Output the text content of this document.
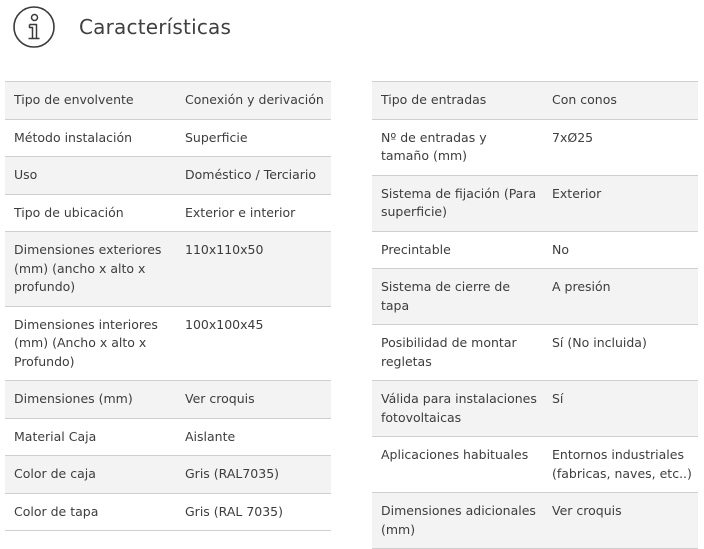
Características
Tipo de envolvente	Conexión y derivación
Método instalación	Superficie
Uso	Doméstico / Terciario
Tipo de ubicación	Exterior e interior
Dimensiones exteriores (mm) (ancho x alto x profundo)	110x110x50
Dimensiones interiores (mm) (Ancho x alto x Profundo)	100x100x45
Dimensiones (mm)	Ver croquis
Material Caja	Aislante
Color de caja	Gris (RAL7035)
Color de tapa	Gris (RAL 7035)
Tipo de entradas	Con conos
Nº de entradas y tamaño (mm)	7xØ25
Sistema de fijación (Para superficie)	Exterior
Precintable	No
Sistema de cierre de tapa	A presión
Posibilidad de montar regletas	Sí (No incluida)
Válida para instalaciones fotovoltaicas	Sí
Aplicaciones habituales	Entornos industriales (fabricas, naves, etc..)
Dimensiones adicionales (mm)	Ver croquis
